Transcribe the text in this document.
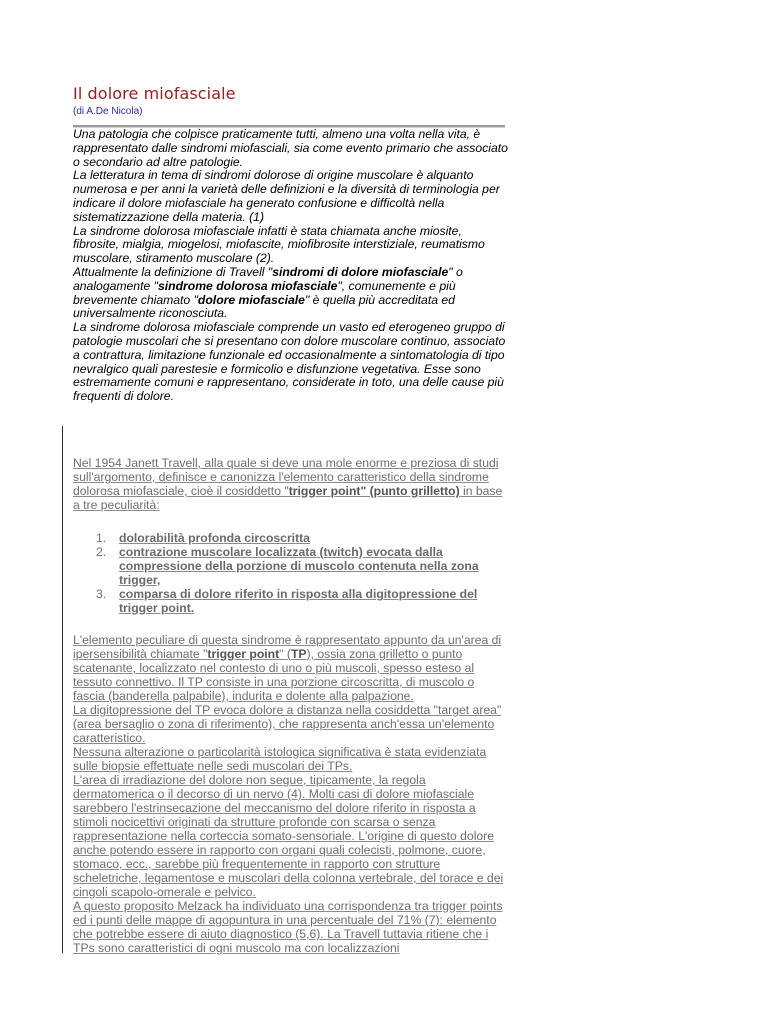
Il dolore miofasciale
(di A.De Nicola)

Una patologia che colpisce praticamente tutti, almeno una volta nella vita, è rappresentato dalle sindromi miofasciali, sia come evento primario che associato o secondario ad altre patologie.

La letteratura in tema di sindromi dolorose di origine muscolare è alquanto numerosa e per anni la varietà delle definizioni e la diversità di terminologia per indicare il dolore miofasciale ha generato confusione e difficoltà nella sistematizzazione della materia. (1)

La sindrome dolorosa miofasciale infatti è stata chiamata anche miosite, fibrosite, mialgia, miogelosi, miofascite, miofibrosite interstiziale, reumatismo muscolare, stiramento muscolare (2).

Attualmente la definizione di Travell "sindromi di dolore miofasciale" o analogamente "sindrome dolorosa miofasciale", comunemente e più brevemente chiamato "dolore miofasciale" è quella più accreditata ed universalmente riconosciuta.

La sindrome dolorosa miofasciale comprende un vasto ed eterogeneo gruppo di patologie muscolari che si presentano con dolore muscolare continuo, associato a contrattura, limitazione funzionale ed occasionalmente a sintomatologia di tipo nevralgico quali parestesie e formicolio e disfunzione vegetativa. Esse sono estremamente comuni e rappresentano, considerate in toto, una delle cause più frequenti di dolore.

Nel 1954 Janett Travell, alla quale si deve una mole enorme e preziosa di studi sull'argomento, definisce e canonizza l'elemento caratteristico della sindrome dolorosa miofasciale, cioè il cosiddetto "trigger point" (punto grilletto) in base a tre peculiarità:

1. dolorabilità profonda circoscritta
2. contrazione muscolare localizzata (twitch) evocata dalla compressione della porzione di muscolo contenuta nella zona trigger,
3. comparsa di dolore riferito in risposta alla digitopressione del trigger point.

L'elemento peculiare di questa sindrome è rappresentato appunto da un'area di ipersensibilità chiamate "trigger point" (TP), ossia zona grilletto o punto scatenante, localizzato nel contesto di uno o più muscoli, spesso esteso al tessuto connettivo. Il TP consiste in una porzione circoscritta, di muscolo o fascia (banderella palpabile), indurita e dolente alla palpazione.

La digitopressione del TP evoca dolore a distanza nella cosiddetta "target area" (area bersaglio o zona di riferimento), che rappresenta anch'essa un'elemento caratteristico.

Nessuna alterazione o particolarità istologica significativa è stata evidenziata sulle biopsie effettuate nelle sedi muscolari dei TPs.

L'area di irradiazione del dolore non segue, tipicamente, la regola dermatomerica o il decorso di un nervo (4). Molti casi di dolore miofasciale sarebbero l'estrinsecazione del meccanismo del dolore riferito in risposta a stimoli nocicettivi originati da strutture profonde con scarsa o senza rappresentazione nella corteccia somato-sensoriale. L'origine di questo dolore anche potendo essere in rapporto con organi quali colecisti, polmone, cuore, stomaco, ecc., sarebbe più frequentemente in rapporto con strutture scheletriche, legamentose e muscolari della colonna vertebrale, del torace e dei cingoli scapolo-omerale e pelvico.

A questo proposito Melzack ha individuato una corrispondenza tra trigger points ed i punti delle mappe di agopuntura in una percentuale del 71% (7): elemento che potrebbe essere di aiuto diagnostico (5,6). La Travell tuttavia ritiene che i TPs sono caratteristici di ogni muscolo ma con localizzazioni
